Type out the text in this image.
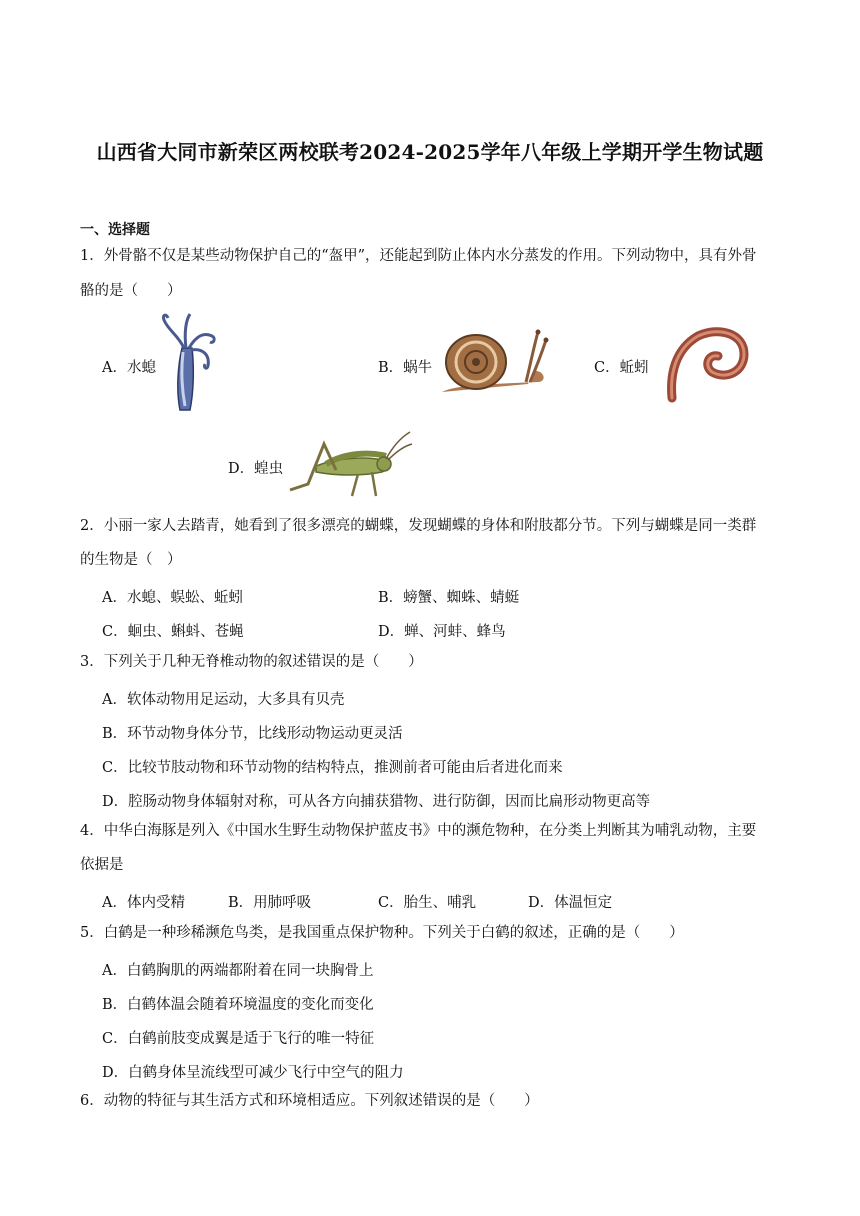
山西省大同市新荣区两校联考2024-2025学年八年级上学期开学生物试题
一、选择题
1．外骨骼不仅是某些动物保护自己的“盔甲”，还能起到防止体内水分蒸发的作用。下列动物中，具有外骨
骼的是（　　）
A．水螅	B．蜗牛	C．蚯蚓
D．蝗虫
2．小丽一家人去踏青，她看到了很多漂亮的蝴蝶，发现蝴蝶的身体和附肢都分节。下列与蝴蝶是同一类群
的生物是（　）
A．水螅、蜈蚣、蚯蚓	B．螃蟹、蜘蛛、蜻蜓
C．蛔虫、蝌蚪、苍蝇	D．蝉、河蚌、蜂鸟
3．下列关于几种无脊椎动物的叙述错误的是（　　）
A．软体动物用足运动，大多具有贝壳
B．环节动物身体分节，比线形动物运动更灵活
C．比较节肢动物和环节动物的结构特点，推测前者可能由后者进化而来
D．腔肠动物身体辐射对称，可从各方向捕获猎物、进行防御，因而比扁形动物更高等
4．中华白海豚是列入《中国水生野生动物保护蓝皮书》中的濒危物种，在分类上判断其为哺乳动物，主要
依据是
A．体内受精	B．用肺呼吸	C．胎生、哺乳	D．体温恒定
5．白鹤是一种珍稀濒危鸟类，是我国重点保护物种。下列关于白鹤的叙述，正确的是（　　）
A．白鹤胸肌的两端都附着在同一块胸骨上
B．白鹤体温会随着环境温度的变化而变化
C．白鹤前肢变成翼是适于飞行的唯一特征
D．白鹤身体呈流线型可减少飞行中空气的阻力
6．动物的特征与其生活方式和环境相适应。下列叙述错误的是（　　）
